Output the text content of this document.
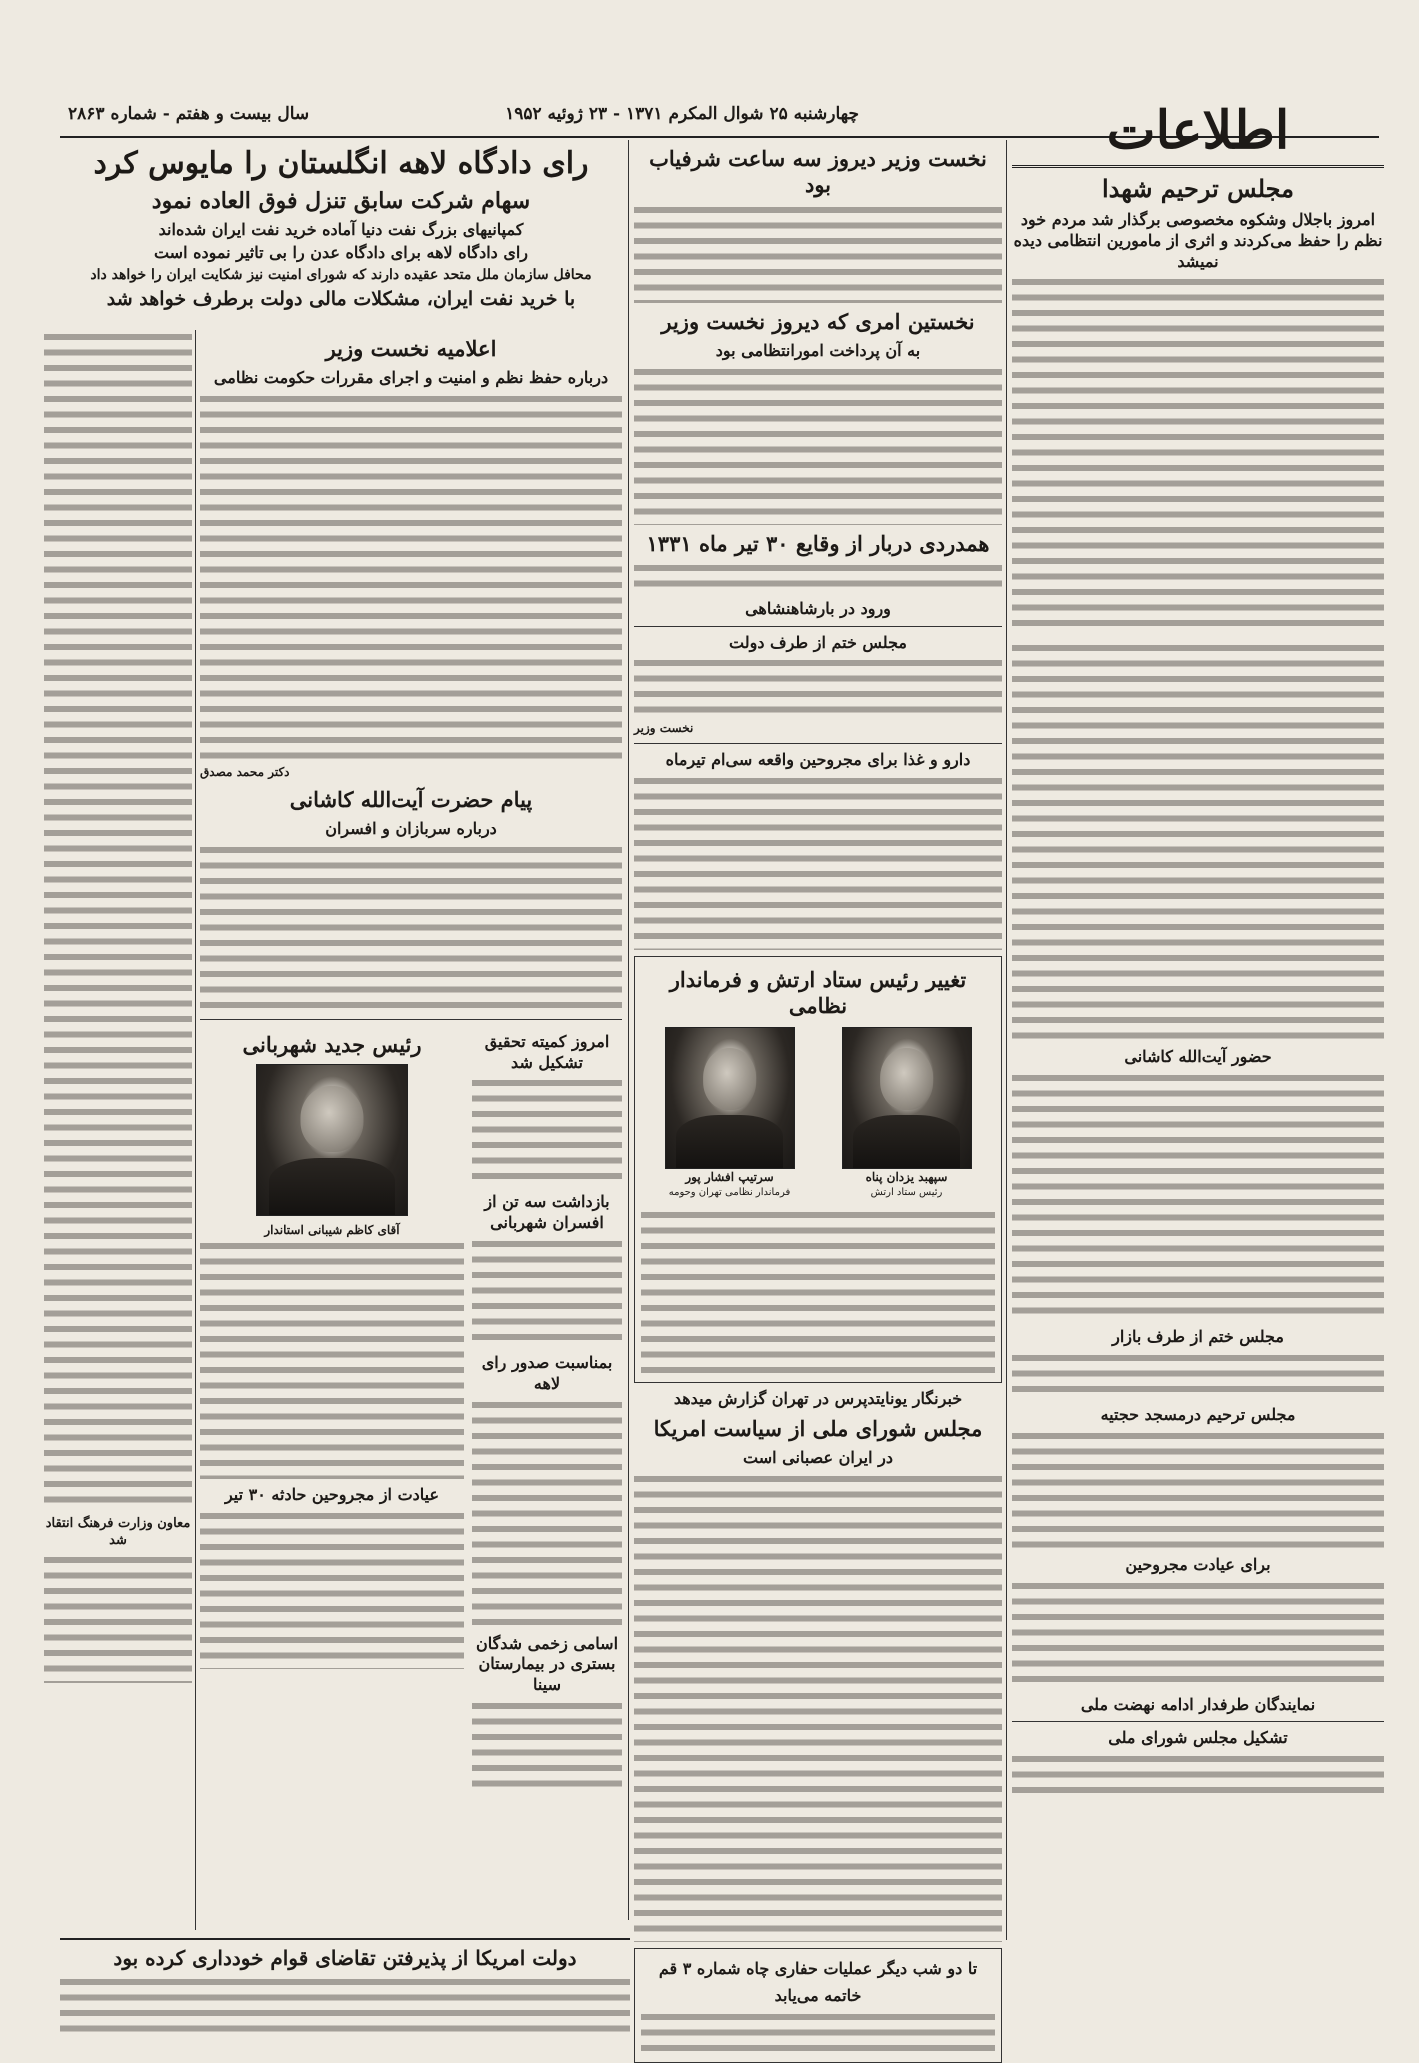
سال بیست و هفتم - شماره ۲۸۶۳	چهارشنبه ۲۵ شوال المکرم ۱۳۷۱ - ۲۳ ژوئیه ۱۹۵۲	اطلاعات
مجلس ترحیم شهدا
امروز باجلال وشکوه مخصوصی برگذار شد مردم خود نظم را حفظ می‌کردند و اثری از مامورین انتظامی دیده نمیشد
حضور آیت‌الله کاشانی
مجلس ختم از طرف بازار
مجلس ترحیم درمسجد حجتیه
برای عیادت مجروحین
نمایندگان طرفدار ادامه نهضت ملی
تشکیل مجلس شورای ملی
نخست وزیر دیروز سه ساعت شرفیاب بود
نخستین امری که دیروز نخست وزیر
به آن پرداخت امورانتظامی بود
همدردی دربار از وقایع ۳۰ تیر ماه ۱۳۳۱
ورود در بارشاهنشاهی
مجلس ختم از طرف دولت
نخست وزیر
دارو و غذا برای مجروحین واقعه سی‌ام تیرماه
تغییر رئیس ستاد ارتش و فرماندار نظامی
سپهبد یزدان پناه
رئیس ستاد ارتش
سرتیپ افشار پور
فرماندار نظامی تهران وحومه
خبرنگار یونایتدپرس در تهران گزارش میدهد
مجلس شورای ملی از سیاست امریکا
در ایران عصبانی است
تا دو شب دیگر عملیات حفاری چاه شماره ۳ قم
خاتمه می‌یابد
رای دادگاه لاهه انگلستان را مایوس کرد
سهام شرکت سابق تنزل فوق العاده نمود
کمپانیهای بزرگ نفت دنیا آماده خرید نفت ایران شده‌اند
رای دادگاه لاهه برای دادگاه عدن را بی تاثیر نموده است
محافل سازمان ملل متحد عقیده دارند که شورای امنیت نیز شکایت ایران را خواهد داد
با خرید نفت ایران، مشکلات مالی دولت برطرف خواهد شد
اعلامیه نخست وزیر
درباره حفظ نظم و امنیت و اجرای مقررات حکومت نظامی
دکتر محمد مصدق
پیام حضرت آیت‌الله کاشانی
درباره سربازان و افسران
امروز کمیته تحقیق تشکیل شد
بازداشت سه تن از افسران شهربانی
بمناسبت صدور رای لاهه
اسامی زخمی شدگان بستری در بیمارستان سینا
رئیس جدید شهربانی
آقای کاظم شیبانی استاندار
عیادت از مجروحین حادثه ۳۰ تیر
معاون وزارت فرهنگ انتقاد شد
دولت امریکا از پذیرفتن تقاضای قوام خودداری کرده بود
